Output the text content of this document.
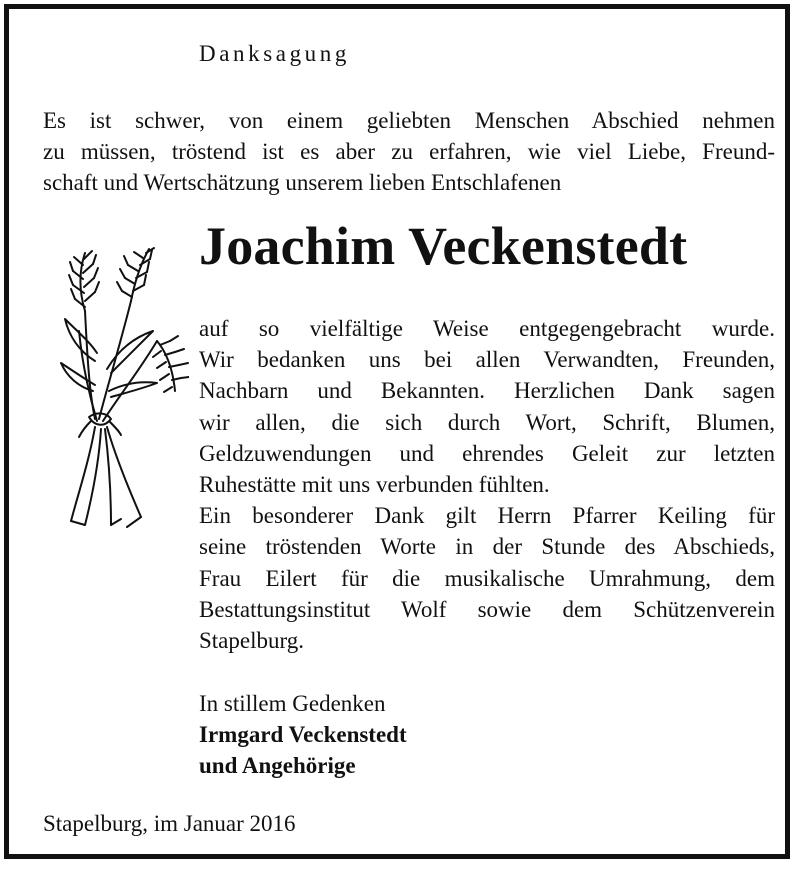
Danksagung
Es ist schwer, von einem geliebten Menschen Abschied nehmen
zu müssen, tröstend ist es aber zu erfahren, wie viel Liebe, Freund-
schaft und Wertschätzung unserem lieben Entschlafenen
Joachim Veckenstedt
auf so vielfältige Weise entgegengebracht wurde.
Wir bedanken uns bei allen Verwandten, Freunden,
Nachbarn und Bekannten. Herzlichen Dank sagen
wir allen, die sich durch Wort, Schrift, Blumen,
Geldzuwendungen und ehrendes Geleit zur letzten
Ruhestätte mit uns verbunden fühlten.
Ein besonderer Dank gilt Herrn Pfarrer Keiling für
seine tröstenden Worte in der Stunde des Abschieds,
Frau Eilert für die musikalische Umrahmung, dem
Bestattungsinstitut Wolf sowie dem Schützenverein
Stapelburg.
In stillem Gedenken
Irmgard Veckenstedt
und Angehörige
Stapelburg, im Januar 2016
